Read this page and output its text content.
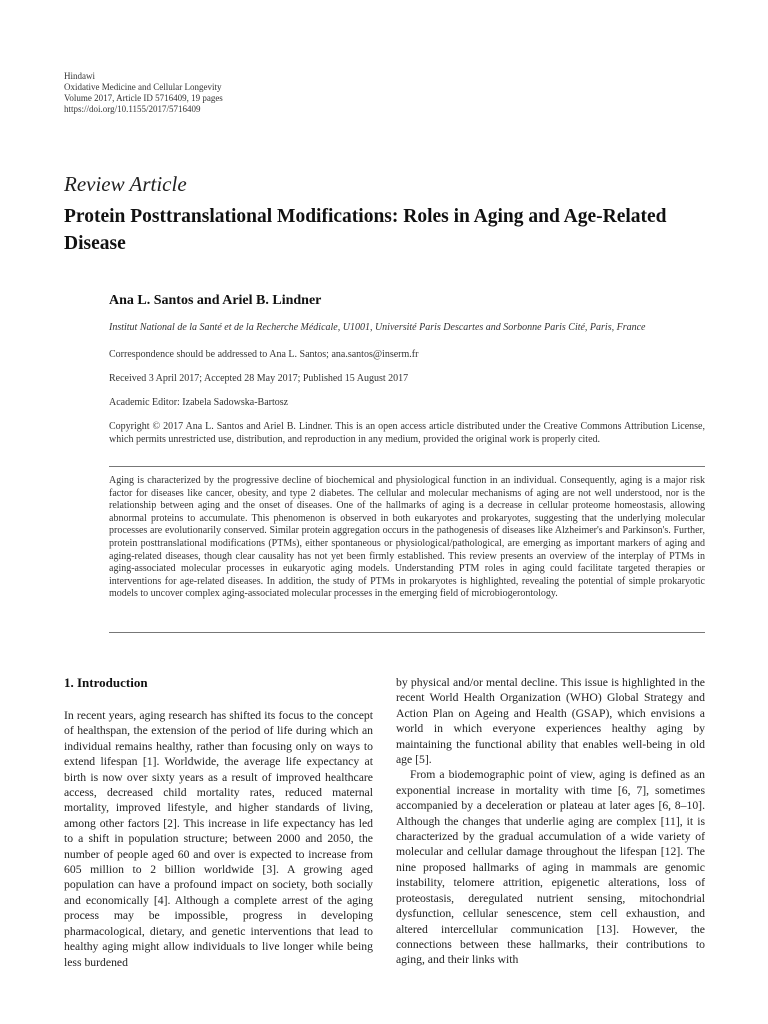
Hindawi
Oxidative Medicine and Cellular Longevity
Volume 2017, Article ID 5716409, 19 pages
https://doi.org/10.1155/2017/5716409
Review Article
Protein Posttranslational Modifications: Roles in Aging and Age-Related Disease
Ana L. Santos and Ariel B. Lindner
Institut National de la Santé et de la Recherche Médicale, U1001, Université Paris Descartes and Sorbonne Paris Cité, Paris, France
Correspondence should be addressed to Ana L. Santos; ana.santos@inserm.fr
Received 3 April 2017; Accepted 28 May 2017; Published 15 August 2017
Academic Editor: Izabela Sadowska-Bartosz
Copyright © 2017 Ana L. Santos and Ariel B. Lindner. This is an open access article distributed under the Creative Commons Attribution License, which permits unrestricted use, distribution, and reproduction in any medium, provided the original work is properly cited.
Aging is characterized by the progressive decline of biochemical and physiological function in an individual. Consequently, aging is a major risk factor for diseases like cancer, obesity, and type 2 diabetes. The cellular and molecular mechanisms of aging are not well understood, nor is the relationship between aging and the onset of diseases. One of the hallmarks of aging is a decrease in cellular proteome homeostasis, allowing abnormal proteins to accumulate. This phenomenon is observed in both eukaryotes and prokaryotes, suggesting that the underlying molecular processes are evolutionarily conserved. Similar protein aggregation occurs in the pathogenesis of diseases like Alzheimer's and Parkinson's. Further, protein posttranslational modifications (PTMs), either spontaneous or physiological/pathological, are emerging as important markers of aging and aging-related diseases, though clear causality has not yet been firmly established. This review presents an overview of the interplay of PTMs in aging-associated molecular processes in eukaryotic aging models. Understanding PTM roles in aging could facilitate targeted therapies or interventions for age-related diseases. In addition, the study of PTMs in prokaryotes is highlighted, revealing the potential of simple prokaryotic models to uncover complex aging-associated molecular processes in the emerging field of microbiogerontology.
1. Introduction

In recent years, aging research has shifted its focus to the concept of healthspan, the extension of the period of life during which an individual remains healthy, rather than focusing only on ways to extend lifespan [1]. Worldwide, the average life expectancy at birth is now over sixty years as a result of improved healthcare access, decreased child mortality rates, reduced maternal mortality, improved lifestyle, and higher standards of living, among other factors [2]. This increase in life expectancy has led to a shift in population structure; between 2000 and 2050, the number of people aged 60 and over is expected to increase from 605 million to 2 billion worldwide [3]. A growing aged population can have a profound impact on society, both socially and economically [4]. Although a complete arrest of the aging process may be impossible, progress in developing pharmacological, dietary, and genetic interventions that lead to healthy aging might allow individuals to live longer while being less burdened

by physical and/or mental decline. This issue is highlighted in the recent World Health Organization (WHO) Global Strategy and Action Plan on Ageing and Health (GSAP), which envisions a world in which everyone experiences healthy aging by maintaining the functional ability that enables well-being in old age [5].

From a biodemographic point of view, aging is defined as an exponential increase in mortality with time [6, 7], sometimes accompanied by a deceleration or plateau at later ages [6, 8–10]. Although the changes that underlie aging are complex [11], it is characterized by the gradual accumulation of a wide variety of molecular and cellular damage throughout the lifespan [12]. The nine proposed hallmarks of aging in mammals are genomic instability, telomere attrition, epigenetic alterations, loss of proteostasis, deregulated nutrient sensing, mitochondrial dysfunction, cellular senescence, stem cell exhaustion, and altered intercellular communication [13]. However, the connections between these hallmarks, their contributions to aging, and their links with
